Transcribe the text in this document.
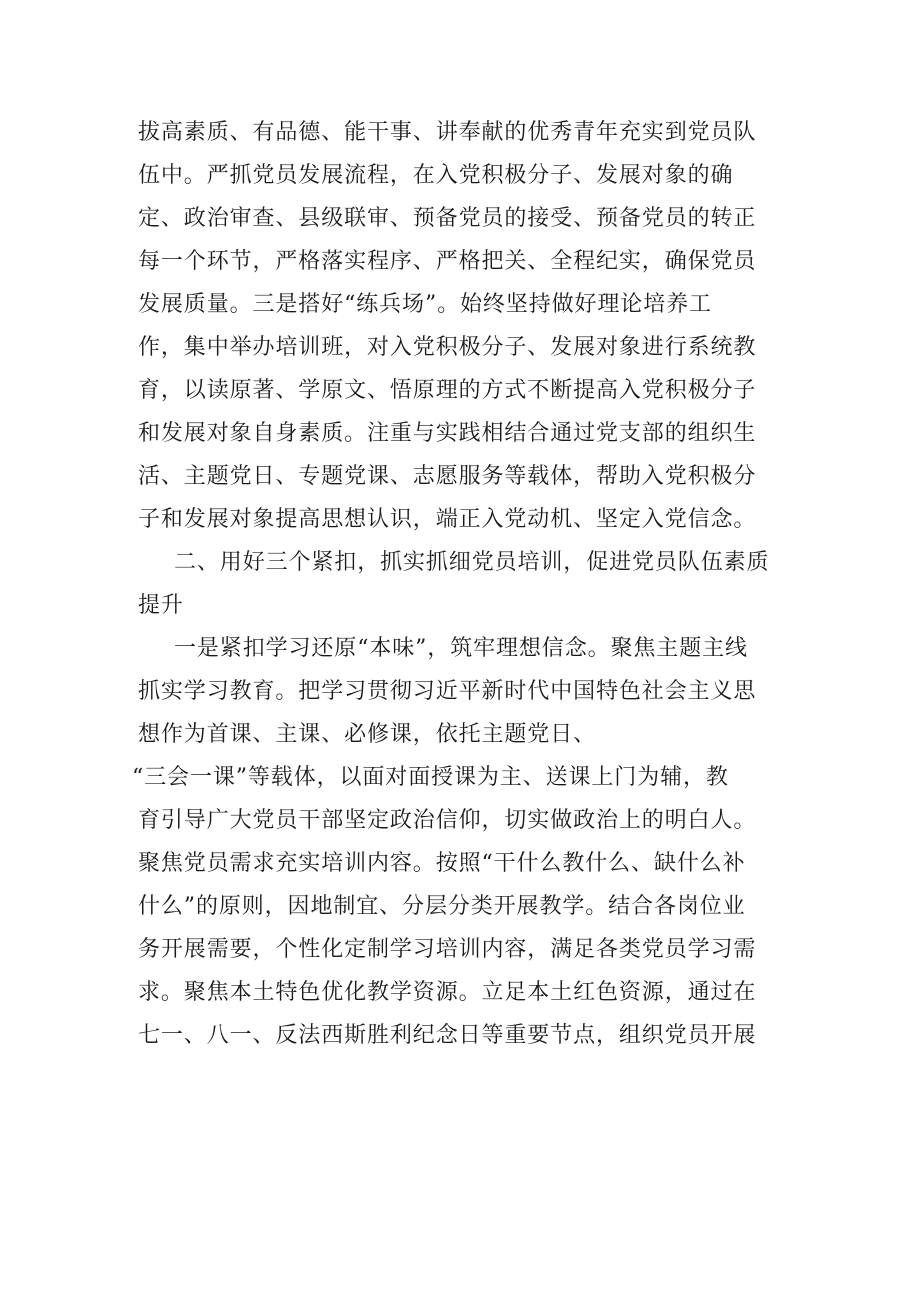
拔高素质、有品德、能干事、讲奉献的优秀青年充实到党员队
伍中。严抓党员发展流程，在入党积极分子、发展对象的确
定、政治审查、县级联审、预备党员的接受、预备党员的转正
每一个环节，严格落实程序、严格把关、全程纪实，确保党员
发展质量。三是搭好“练兵场”。始终坚持做好理论培养工
作，集中举办培训班，对入党积极分子、发展对象进行系统教
育，以读原著、学原文、悟原理的方式不断提高入党积极分子
和发展对象自身素质。注重与实践相结合通过党支部的组织生
活、主题党日、专题党课、志愿服务等载体，帮助入党积极分
子和发展对象提高思想认识，端正入党动机、坚定入党信念。
二、用好三个紧扣，抓实抓细党员培训，促进党员队伍素质
提升
一是紧扣学习还原“本味”，筑牢理想信念。聚焦主题主线
抓实学习教育。把学习贯彻习近平新时代中国特色社会主义思
想作为首课、主课、必修课，依托主题党日、
“三会一课”等载体，以面对面授课为主、送课上门为辅，教
育引导广大党员干部坚定政治信仰，切实做政治上的明白人。
聚焦党员需求充实培训内容。按照“干什么教什么、缺什么补
什么”的原则，因地制宜、分层分类开展教学。结合各岗位业
务开展需要，个性化定制学习培训内容，满足各类党员学习需
求。聚焦本土特色优化教学资源。立足本土红色资源，通过在
七一、八一、反法西斯胜利纪念日等重要节点，组织党员开展
